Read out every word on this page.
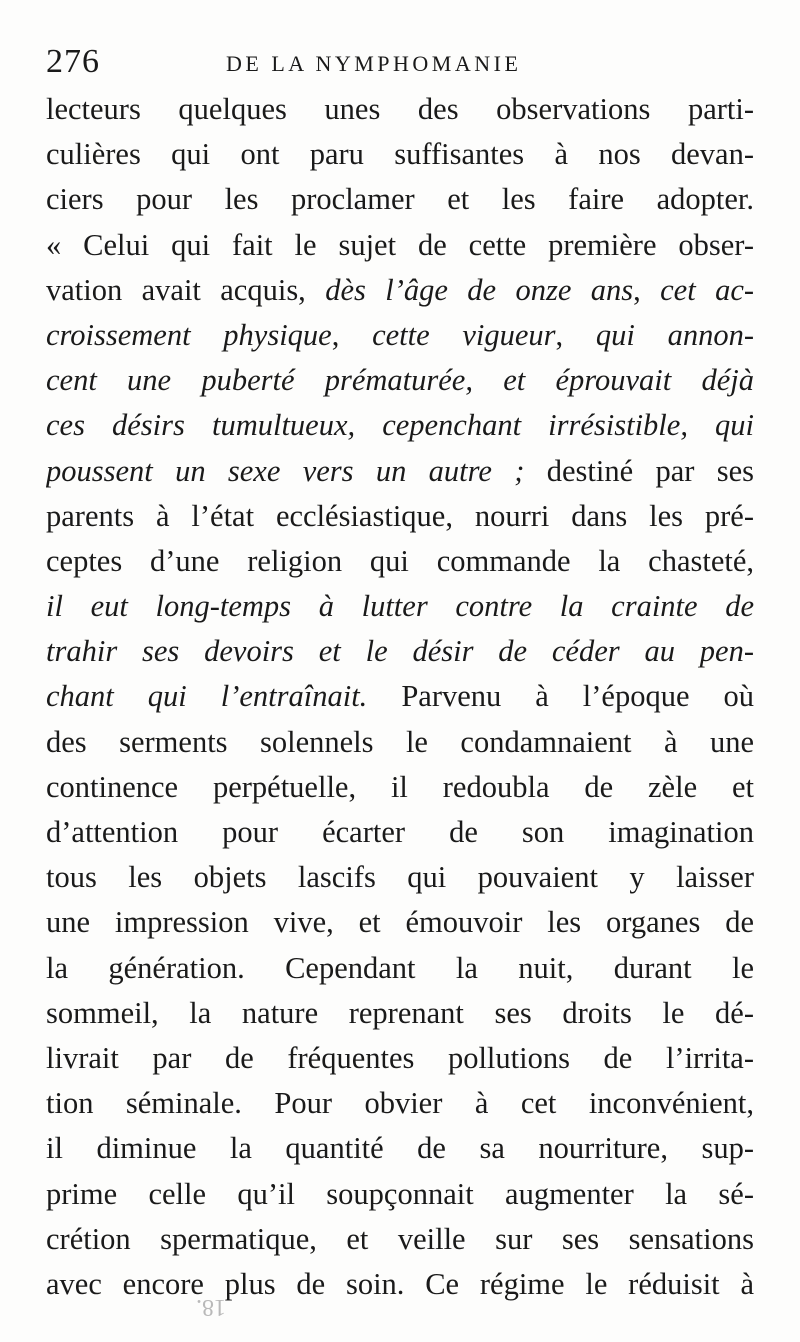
276	DE LA NYMPHOMANIE
lecteurs quelques unes des observations parti-
culières qui ont paru suffisantes à nos devan-
ciers pour les proclamer et les faire adopter.
« Celui qui fait le sujet de cette première obser-
vation avait acquis, dès l’âge de onze ans, cet ac-
croissement physique, cette vigueur, qui annon-
cent une puberté prématurée, et éprouvait déjà
ces désirs tumultueux, cepenchant irrésistible, qui
poussent un sexe vers un autre ; destiné par ses
parents à l’état ecclésiastique, nourri dans les pré-
ceptes d’une religion qui commande la chasteté,
il eut long-temps à lutter contre la crainte de
trahir ses devoirs et le désir de céder au pen-
chant qui l’entraînait. Parvenu à l’époque où
des serments solennels le condamnaient à une
continence perpétuelle, il redoubla de zèle et
d’attention pour écarter de son imagination
tous les objets lascifs qui pouvaient y laisser
une impression vive, et émouvoir les organes de
la génération. Cependant la nuit, durant le
sommeil, la nature reprenant ses droits le dé-
livrait par de fréquentes pollutions de l’irrita-
tion séminale. Pour obvier à cet inconvénient,
il diminue la quantité de sa nourriture, sup-
prime celle qu’il soupçonnait augmenter la sé-
crétion spermatique, et veille sur ses sensations
avec encore plus de soin. Ce régime le réduisit à
18.
